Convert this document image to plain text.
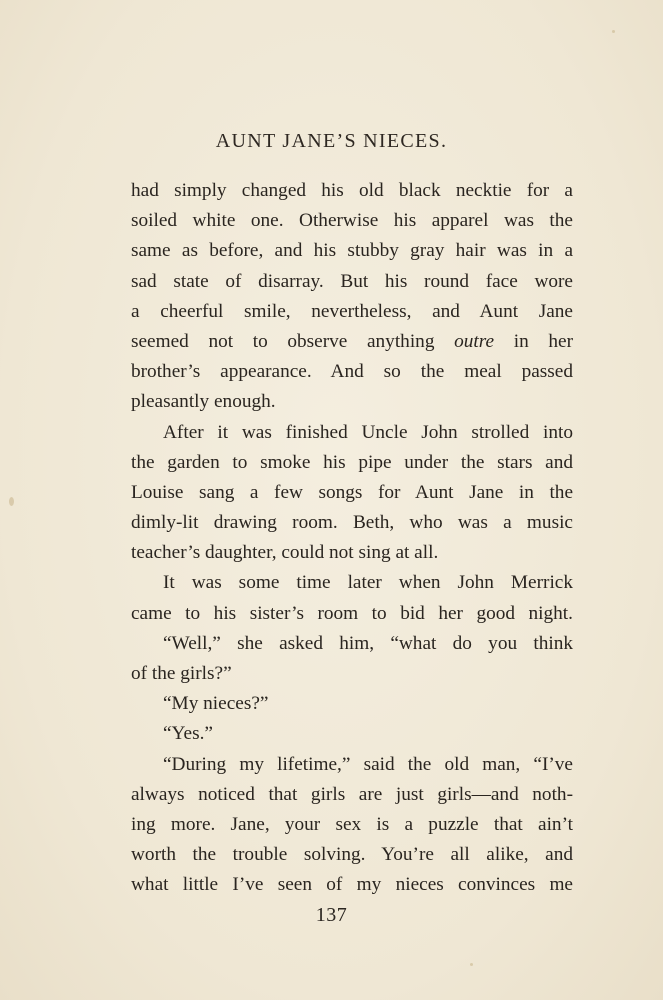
AUNT JANE’S NIECES.
had simply changed his old black necktie for a
soiled white one. Otherwise his apparel was the
same as before, and his stubby gray hair was in a
sad state of disarray. But his round face wore
a cheerful smile, nevertheless, and Aunt Jane
seemed not to observe anything outre in her
brother’s appearance. And so the meal passed
pleasantly enough.
After it was finished Uncle John strolled into
the garden to smoke his pipe under the stars and
Louise sang a few songs for Aunt Jane in the
dimly-lit drawing room. Beth, who was a music
teacher’s daughter, could not sing at all.
It was some time later when John Merrick
came to his sister’s room to bid her good night.
“Well,” she asked him, “what do you think
of the girls?”
“My nieces?”
“Yes.”
“During my lifetime,” said the old man, “I’ve
always noticed that girls are just girls—and noth-
ing more. Jane, your sex is a puzzle that ain’t
worth the trouble solving. You’re all alike, and
what little I’ve seen of my nieces convinces me
137
